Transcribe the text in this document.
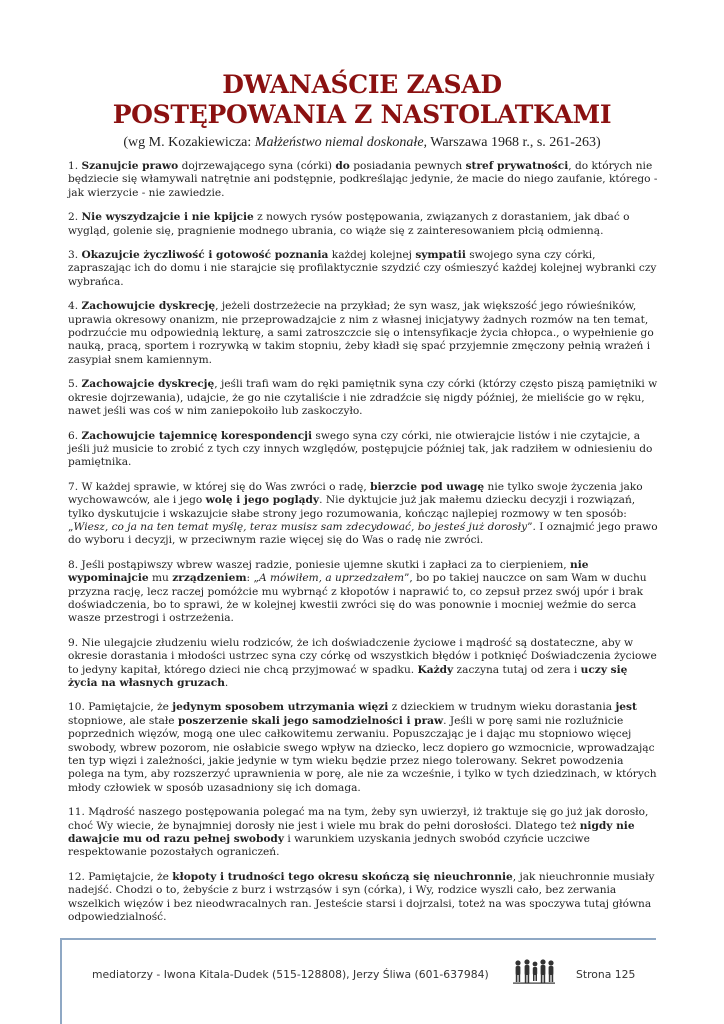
DWANAŚCIE ZASAD
POSTĘPOWANIA Z NASTOLATKAMI
(wg M. Kozakiewicza: Małżeństwo niemal doskonałe, Warszawa 1968 r., s. 261-263)

1. Szanujcie prawo dojrzewającego syna (córki) do posiadania pewnych stref prywatności, do których nie będziecie się włamywali natrętnie ani podstępnie, podkreślając jedynie, że macie do niego zaufanie, którego - jak wierzycie - nie zawiedzie.

2. Nie wyszydzajcie i nie kpijcie z nowych rysów postępowania, związanych z dorastaniem, jak dbać o wygląd, golenie się, pragnienie modnego ubrania, co wiąże się z zainteresowaniem płcią odmienną.

3. Okazujcie życzliwość i gotowość poznania każdej kolejnej sympatii swojego syna czy córki, zapraszając ich do domu i nie starajcie się profilaktycznie szydzić czy ośmieszyć każdej kolejnej wybranki czy wybrańca.

4. Zachowujcie dyskrecję, jeżeli dostrzeżecie na przykład; że syn wasz, jak większość jego rówieśników, uprawia okresowy onanizm, nie przeprowadzajcie z nim z własnej inicjatywy żadnych rozmów na ten temat, podrzućcie mu odpowiednią lekturę, a sami zatroszczcie się o intensyfikacje życia chłopca., o wypełnienie go nauką, pracą, sportem i rozrywką w takim stopniu, żeby kładł się spać przyjemnie zmęczony pełnią wrażeń i zasypiał snem kamiennym.

5. Zachowajcie dyskrecję, jeśli trafi wam do ręki pamiętnik syna czy córki (którzy często piszą pamiętniki w okresie dojrzewania), udajcie, że go nie czytaliście i nie zdradźcie się nigdy później, że mieliście go w ręku, nawet jeśli was coś w nim zaniepokoiło lub zaskoczyło.

6. Zachowujcie tajemnicę korespondencji swego syna czy córki, nie otwierajcie listów i nie czytajcie, a jeśli już musicie to zrobić z tych czy innych względów, postępujcie później tak, jak radziłem w odniesieniu do pamiętnika.

7. W każdej sprawie, w której się do Was zwróci o radę, bierzcie pod uwagę nie tylko swoje życzenia jako wychowawców, ale i jego wolę i jego poglądy. Nie dyktujcie już jak małemu dziecku decyzji i rozwiązań, tylko dyskutujcie i wskazujcie słabe strony jego rozumowania, kończąc najlepiej rozmowy w ten sposób: „Wiesz, co ja na ten temat myślę, teraz musisz sam zdecydować, bo jesteś już dorosły”. I oznajmić jego prawo do wyboru i decyzji, w przeciwnym razie więcej się do Was o radę nie zwróci.

8. Jeśli postąpiwszy wbrew waszej radzie, poniesie ujemne skutki i zapłaci za to cierpieniem, nie wypominajcie mu zrządzeniem: „A mówiłem, a uprzedzałem”, bo po takiej nauczce on sam Wam w duchu przyzna rację, lecz raczej pomóżcie mu wybrnąć z kłopotów i naprawić to, co zepsuł przez swój upór i brak doświadczenia, bo to sprawi, że w kolejnej kwestii zwróci się do was ponownie i mocniej weźmie do serca wasze przestrogi i ostrzeżenia.

9. Nie ulegajcie złudzeniu wielu rodziców, że ich doświadczenie życiowe i mądrość są dostateczne, aby w okresie dorastania i młodości ustrzec syna czy córkę od wszystkich błędów i potknięć Doświadczenia życiowe to jedyny kapitał, którego dzieci nie chcą przyjmować w spadku. Każdy zaczyna tutaj od zera i uczy się życia na własnych gruzach.

10. Pamiętajcie, że jedynym sposobem utrzymania więzi z dzieckiem w trudnym wieku dorastania jest stopniowe, ale stałe poszerzenie skali jego samodzielności i praw. Jeśli w porę sami nie rozluźnicie poprzednich więzów, mogą one ulec całkowitemu zerwaniu. Popuszczając je i dając mu stopniowo więcej swobody, wbrew pozorom, nie osłabicie swego wpływ na dziecko, lecz dopiero go wzmocnicie, wprowadzając ten typ więzi i zależności, jakie jedynie w tym wieku będzie przez niego tolerowany. Sekret powodzenia polega na tym, aby rozszerzyć uprawnienia w porę, ale nie za wcześnie, i tylko w tych dziedzinach, w których młody człowiek w sposób uzasadniony się ich domaga.

11. Mądrość naszego postępowania polegać ma na tym, żeby syn uwierzył, iż traktuje się go już jak dorosło, choć Wy wiecie, że bynajmniej dorosły nie jest i wiele mu brak do pełni dorosłości. Dlatego też nigdy nie dawajcie mu od razu pełnej swobody i warunkiem uzyskania jednych swobód czyńcie uczciwe respektowanie pozostałych ograniczeń.

12. Pamiętajcie, że kłopoty i trudności tego okresu skończą się nieuchronnie, jak nieuchronnie musiały nadejść. Chodzi o to, żebyście z burz i wstrząsów i syn (córka), i Wy, rodzice wyszli cało, bez zerwania wszelkich więzów i bez nieodwracalnych ran. Jesteście starsi i dojrzalsi, toteż na was spoczywa tutaj główna odpowiedzialność.

mediatorzy - Iwona Kitala-Dudek (515-128808), Jerzy Śliwa (601-637984)	Strona 125
